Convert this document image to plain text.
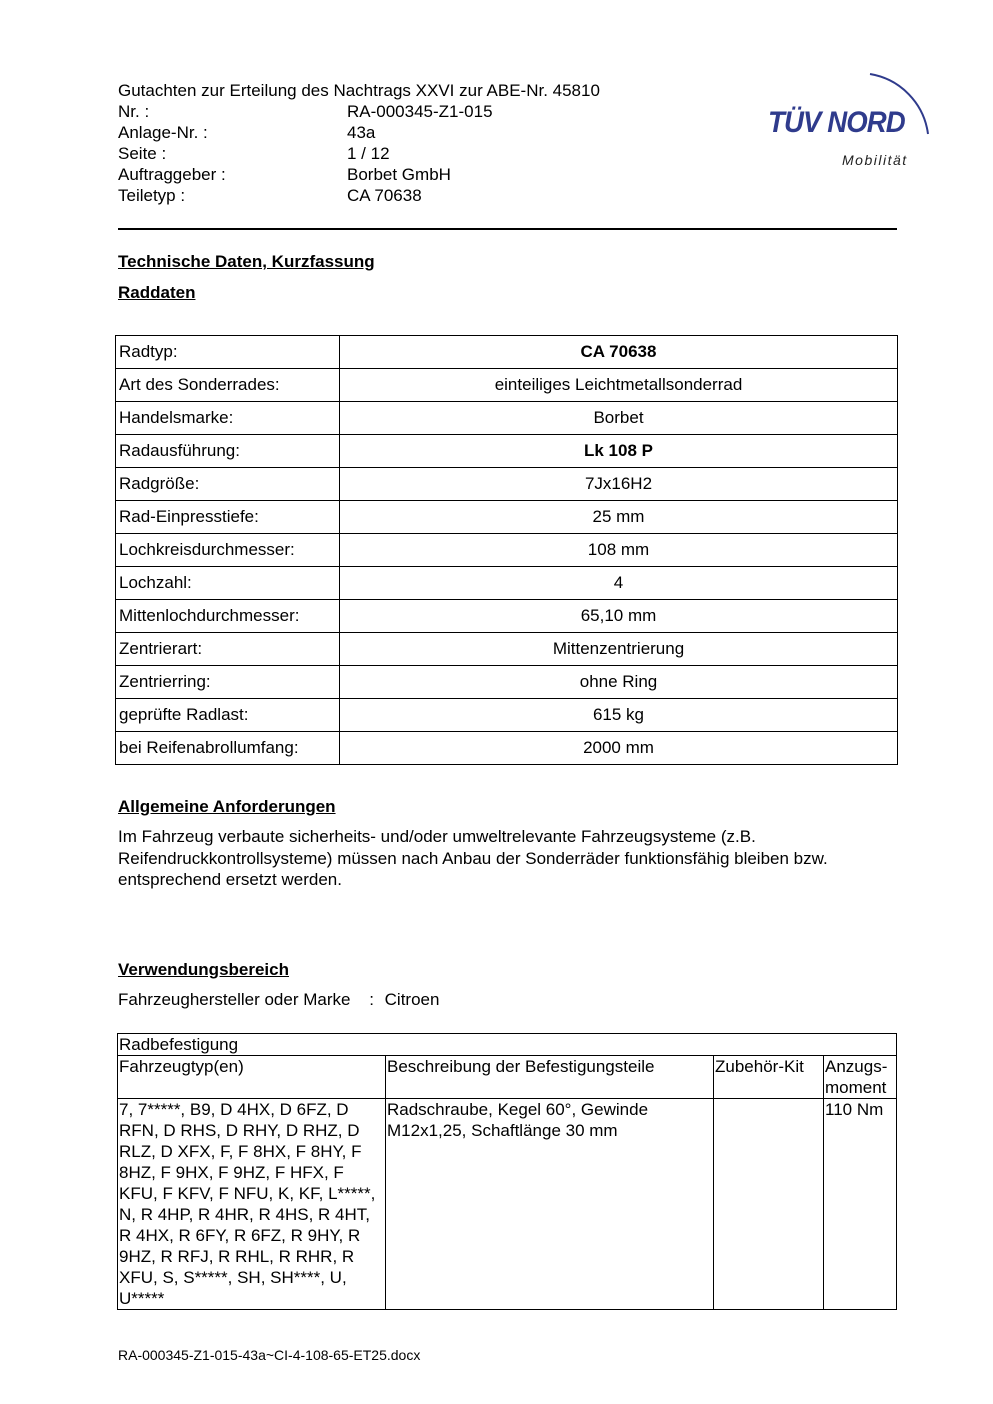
Gutachten zur Erteilung des Nachtrags XXVI zur ABE-Nr. 45810
Nr. :	RA-000345-Z1-015
Anlage-Nr. :	43a
Seite :	1 / 12
Auftraggeber :	Borbet GmbH
Teiletyp :	CA 70638
TÜV NORD
Mobilität
Technische Daten, Kurzfassung
Raddaten
Radtyp:	CA 70638
Art des Sonderrades:	einteiliges Leichtmetallsonderrad
Handelsmarke:	Borbet
Radausführung:	Lk 108 P
Radgröße:	7Jx16H2
Rad-Einpresstiefe:	25 mm
Lochkreisdurchmesser:	108 mm
Lochzahl:	4
Mittenlochdurchmesser:	65,10 mm
Zentrierart:	Mittenzentrierung
Zentrierring:	ohne Ring
geprüfte Radlast:	615 kg
bei Reifenabrollumfang:	2000 mm
Allgemeine Anforderungen
Im Fahrzeug verbaute sicherheits- und/oder umweltrelevante Fahrzeugsysteme (z.B. Reifendruckkontrollsysteme) müssen nach Anbau der Sonderräder funktionsfähig bleiben bzw. entsprechend ersetzt werden.
Verwendungsbereich
Fahrzeughersteller oder Marke : Citroen
Radbefestigung			
Fahrzeugtyp(en)	Beschreibung der Befestigungsteile	Zubehör-Kit	Anzugs-moment
7, 7*****, B9, D 4HX, D 6FZ, D RFN, D RHS, D RHY, D RHZ, D RLZ, D XFX, F, F 8HX, F 8HY, F 8HZ, F 9HX, F 9HZ, F HFX, F KFU, F KFV, F NFU, K, KF, L*****, N, R 4HP, R 4HR, R 4HS, R 4HT, R 4HX, R 6FY, R 6FZ, R 9HY, R 9HZ, R RFJ, R RHL, R RHR, R XFU, S, S*****, SH, SH****, U, U*****	Radschraube, Kegel 60°, Gewinde M12x1,25, Schaftlänge 30 mm		110 Nm
RA-000345-Z1-015-43a~CI-4-108-65-ET25.docx
